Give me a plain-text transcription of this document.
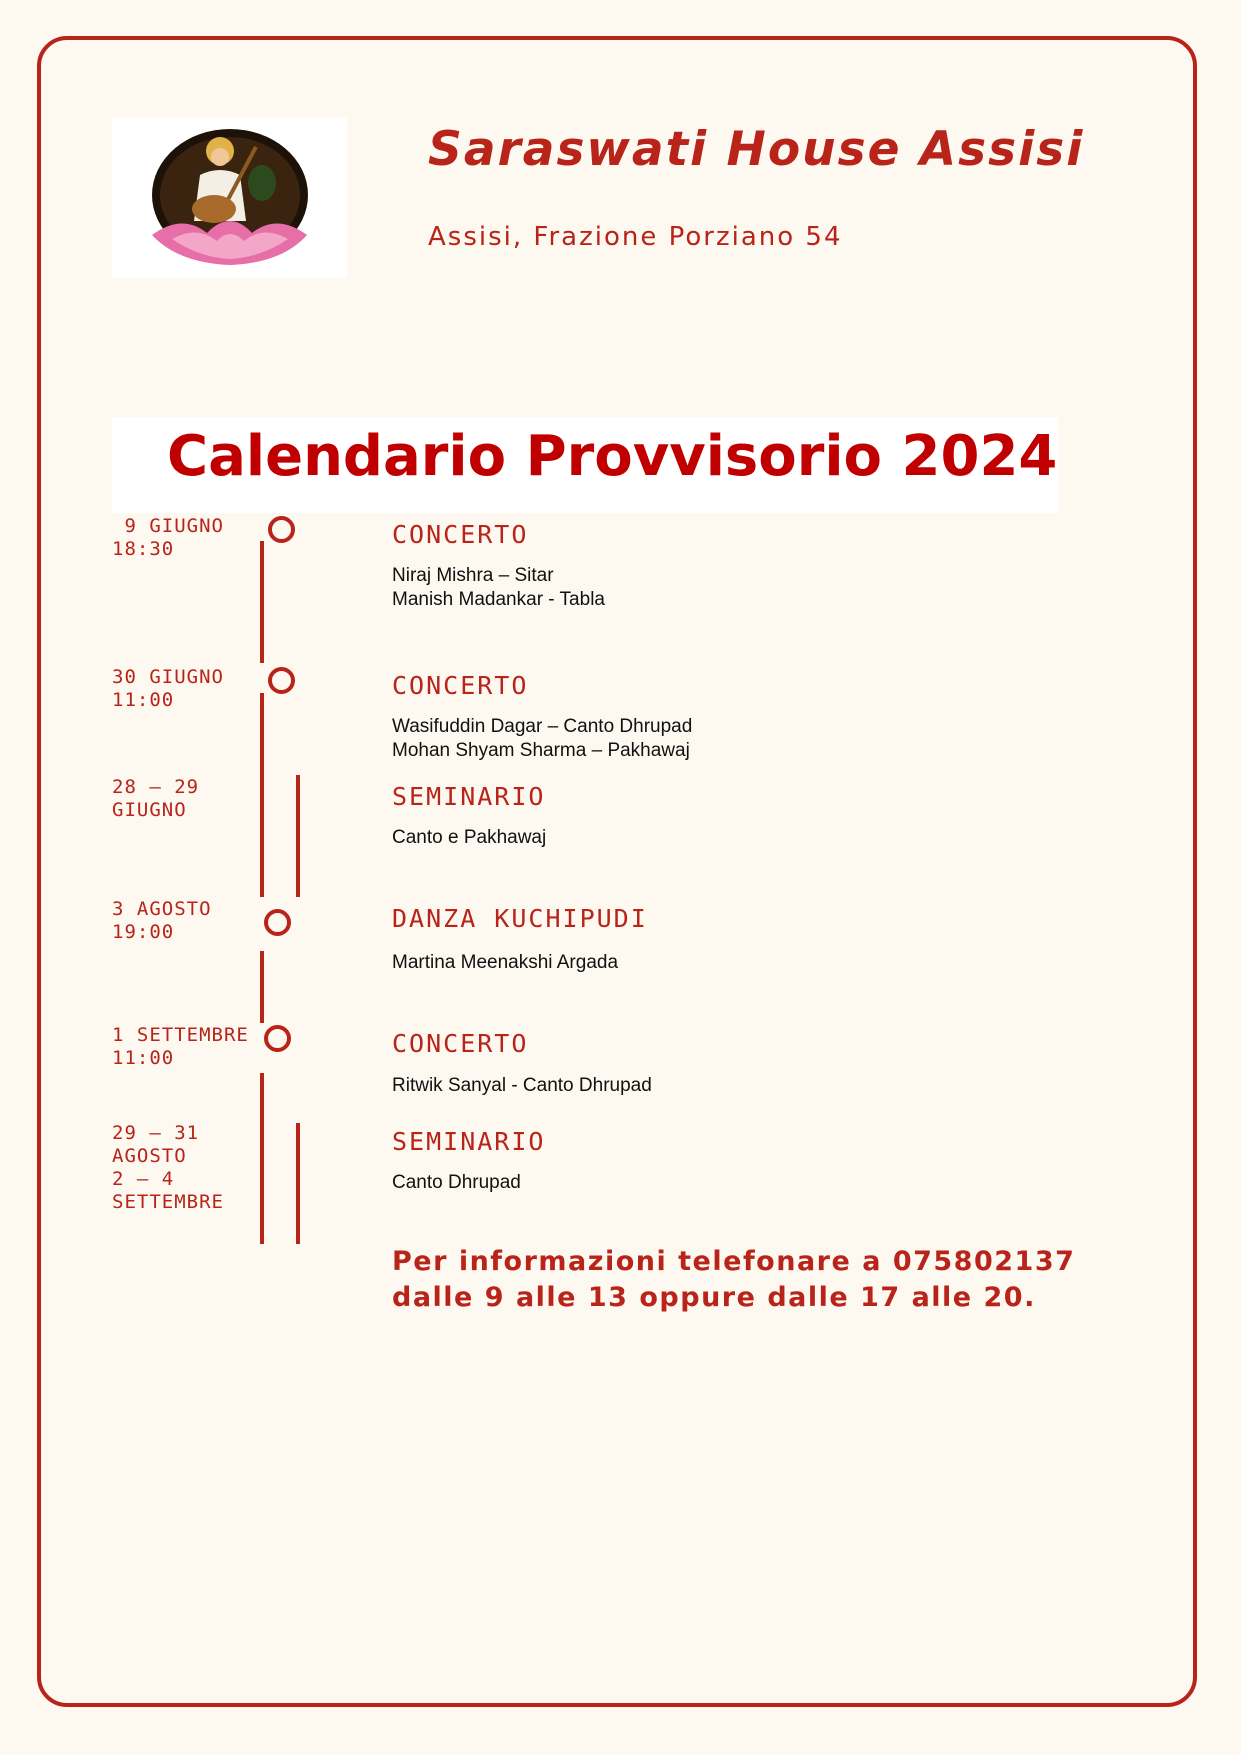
Saraswati House Assisi
Assisi, Frazione Porziano 54
Calendario Provvisorio 2024
9 GIUGNO
18:30	CONCERTO
Niraj Mishra – Sitar
Manish Madankar - Tabla
30 GIUGNO
11:00	CONCERTO
Wasifuddin Dagar – Canto Dhrupad
Mohan Shyam Sharma – Pakhawaj
28 – 29
GIUGNO	SEMINARIO
Canto e Pakhawaj
3 AGOSTO
19:00	DANZA KUCHIPUDI
Martina Meenakshi Argada
1 SETTEMBRE
11:00	CONCERTO
Ritwik Sanyal - Canto Dhrupad
29 – 31
AGOSTO
2 – 4
SETTEMBRE
SEMINARIO
Canto Dhrupad
Per informazioni telefonare a 075802137
dalle 9 alle 13 oppure dalle 17 alle 20.
